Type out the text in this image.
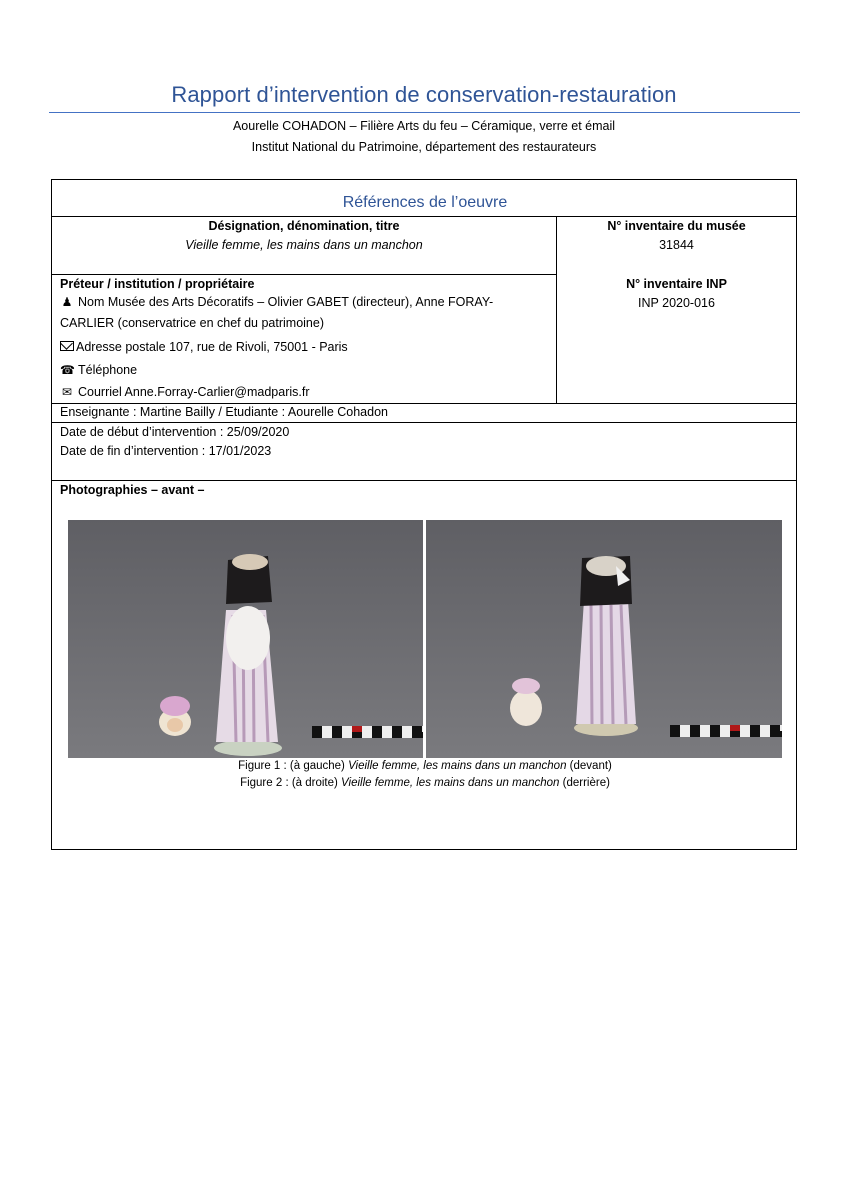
Rapport d’intervention de conservation-restauration
Aourelle COHADON – Filière Arts du feu – Céramique, verre et émail
Institut National du Patrimoine, département des restaurateurs
Références de l’oeuvre
Désignation, dénomination, titre
Vieille femme, les mains dans un manchon
N° inventaire du musée
31844
N° inventaire INP
INP 2020-016
Préteur / institution / propriétaire
♟ Nom Musée des Arts Décoratifs – Olivier GABET (directeur), Anne FORAY-
CARLIER (conservatrice en chef du patrimoine)
Adresse postale 107, rue de Rivoli, 75001 - Paris
☎ Téléphone
✉ Courriel Anne.Forray-Carlier@madparis.fr
Enseignante : Martine Bailly / Etudiante : Aourelle Cohadon
Date de début d’intervention : 25/09/2020
Date de fin d’intervention : 17/01/2023
Photographies – avant –
Figure 1 : (à gauche) Vieille femme, les mains dans un manchon (devant)
Figure 2 : (à droite) Vieille femme, les mains dans un manchon (derrière)
